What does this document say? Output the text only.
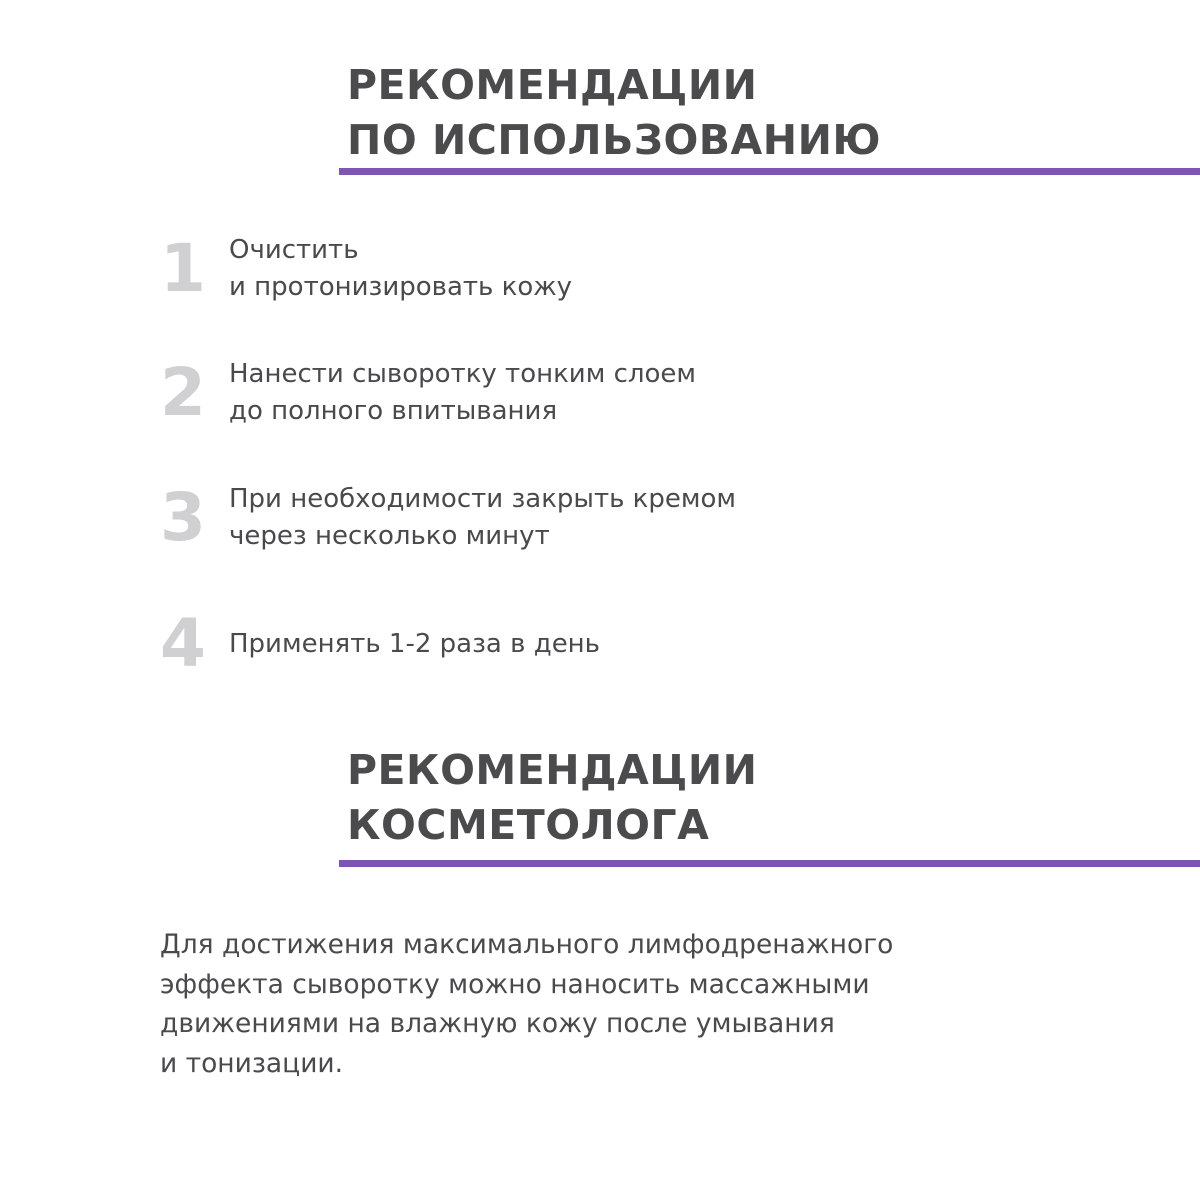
РЕКОМЕНДАЦИИ
ПО ИСПОЛЬЗОВАНИЮ
1 Очистить
и протонизировать кожу
2 Нанести сыворотку тонким слоем
до полного впитывания
3 При необходимости закрыть кремом
через несколько минут
4 Применять 1-2 раза в день
РЕКОМЕНДАЦИИ
КОСМЕТОЛОГА
Для достижения максимального лимфодренажного
эффекта сыворотку можно наносить массажными
движениями на влажную кожу после умывания
и тонизации.
